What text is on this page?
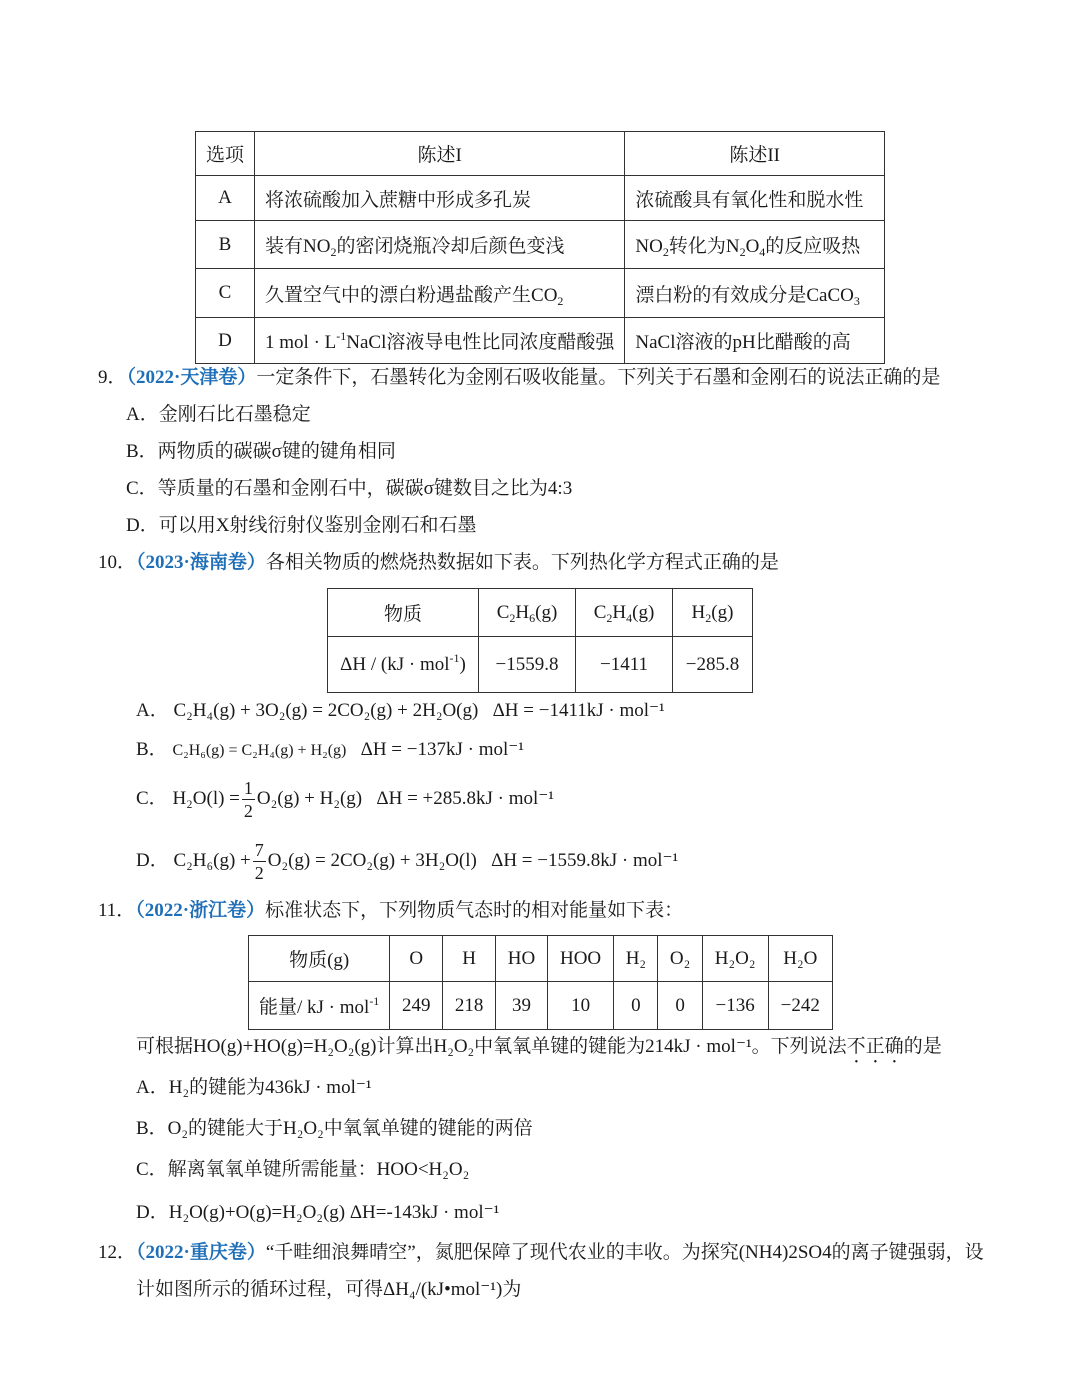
选项	陈述I	陈述II
A	将浓硫酸加入蔗糖中形成多孔炭	浓硫酸具有氧化性和脱水性
B	装有$NO_2$的密闭烧瓶冷却后颜色变浅	$NO_2$转化为$N_2O_4$的反应吸热
C	久置空气中的漂白粉遇盐酸产生$CO_2$	漂白粉的有效成分是CaCO$_3$
D	1 mol · $L^{-1}NaCl$溶液导电性比同浓度醋酸强	NaCl溶液的pH比醋酸的高
9．（2022·天津卷）一定条件下，石墨转化为金刚石吸收能量。下列关于石墨和金刚石的说法正确的是
A．金刚石比石墨稳定
B．两物质的碳碳σ键的键角相同
C．等质量的石墨和金刚石中，碳碳σ键数目之比为4:3
D．可以用X射线衍射仪鉴别金刚石和石墨
10．（2023·海南卷）各相关物质的燃烧热数据如下表。下列热化学方程式正确的是
物质	$C_2H_6(g)$	$C_2H_4(g)$	$H_2(g)$
ΔH / (kJ · mol$^{-1}$)	−1559.8	−1411	−285.8
A． C₂H₄(g) + 3O₂(g) = 2CO₂(g) + 2H₂O(g) ΔH = −1411kJ · mol⁻¹
B． C₂H₆(g) = C₂H₄(g) + H₂(g) ΔH = −137kJ · mol⁻¹
C． $H_2O(l) = \frac{1}{2} O_2(g) + H_2(g) \Delta H = +285.8kJ \cdot mol^{-1}$
D． $C_2H_6(g) + \frac{7}{2} O_2(g) = 2CO_2(g) + 3H_2O(l) \Delta H = -1559.8kJ \cdot mol^{-1}$
11．（2022·浙江卷）标准状态下，下列物质气态时的相对能量如下表：
物质(g)	O	H	HO	HOO	H₂	O₂	H₂O₂	H₂O
能量/ kJ · mol$^{-1}$	249	218	39	10	0	0	−136	−242
可根据HO(g)+HO(g)=H₂O₂(g)计算出H₂O₂中氧氧单键的键能为214kJ · mol⁻¹。下列说法不正确的是
A．H₂的键能为436kJ · mol⁻¹
B．O₂的键能大于H₂O₂中氧氧单键的键能的两倍
C．解离氧氧单键所需能量：HOO<H₂O₂
D．H₂O(g)+O(g)=H₂O₂(g) ΔH=-143kJ · mol⁻¹
12．（2022·重庆卷）“千畦细浪舞晴空”，氮肥保障了现代农业的丰收。为探究(NH4)2SO4的离子键强弱，设
计如图所示的循环过程，可得ΔH₄/(kJ•mol⁻¹)为
